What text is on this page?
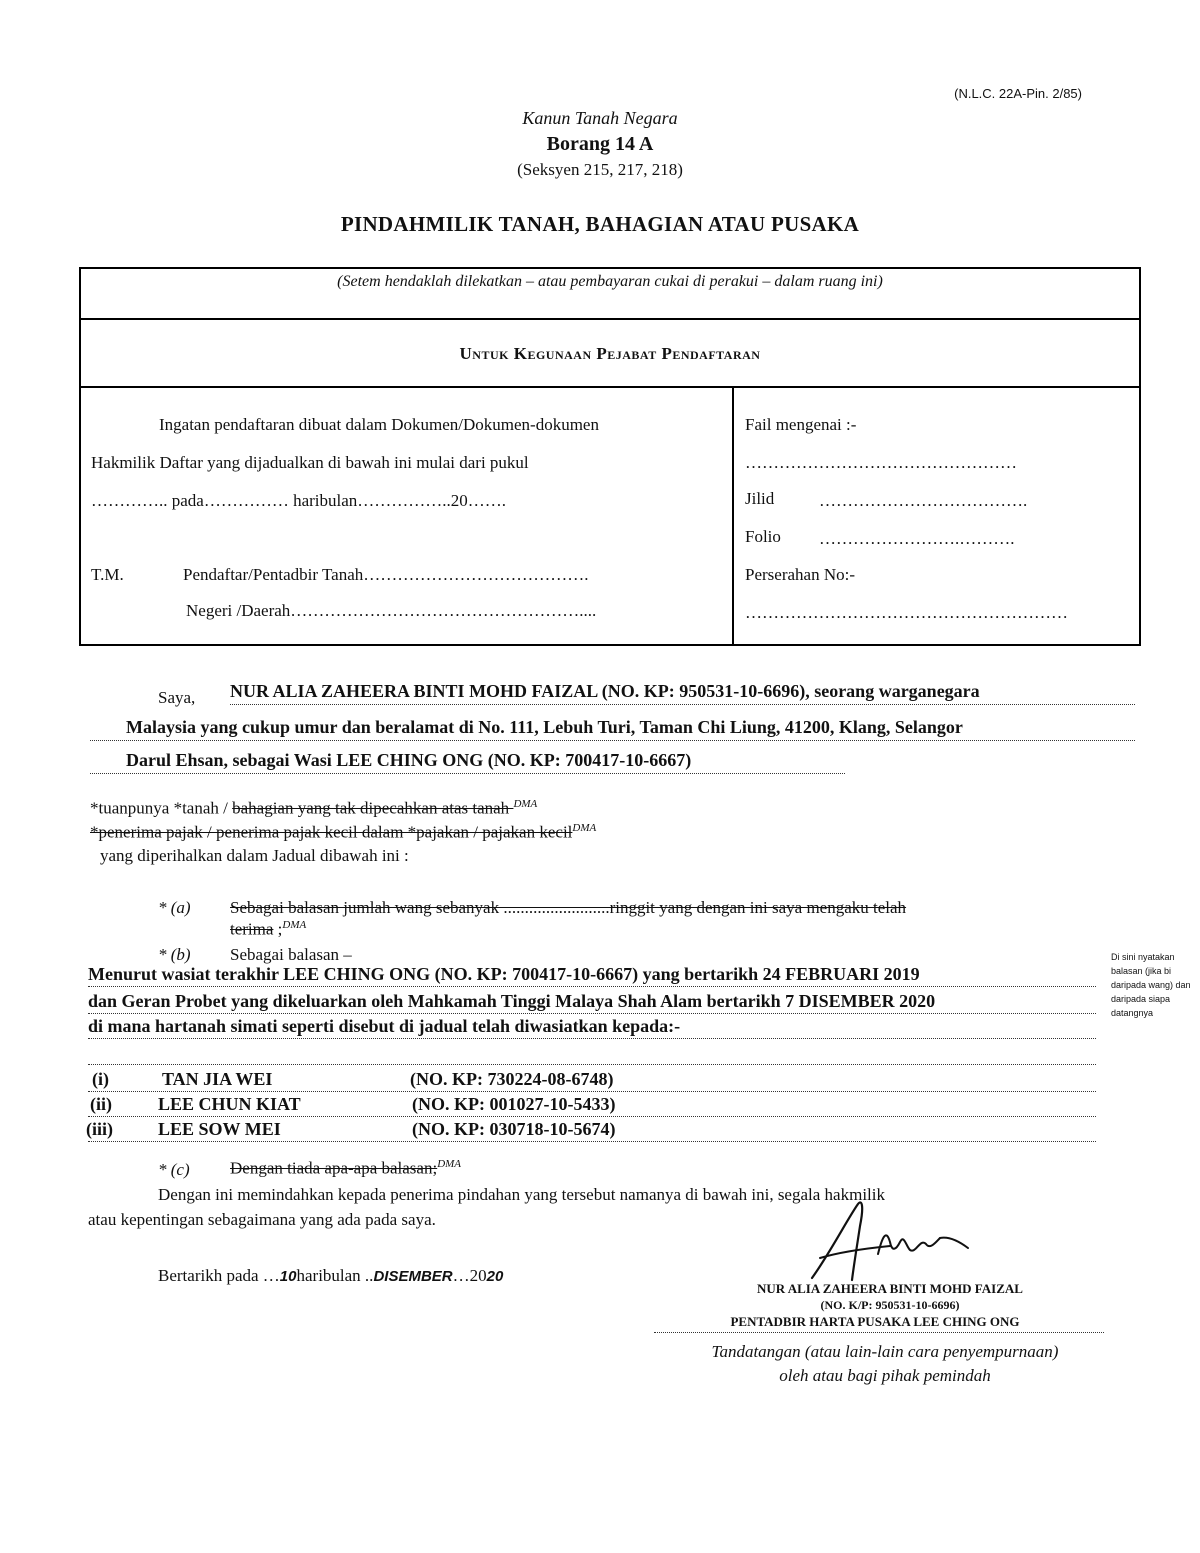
(N.L.C. 22A-Pin. 2/85)
Kanun Tanah Negara
Borang 14 A
(Seksyen 215, 217, 218)
PINDAHMILIK TANAH, BAHAGIAN ATAU PUSAKA
(Setem hendaklah dilekatkan – atau pembayaran cukai di perakui – dalam ruang ini)
Untuk Kegunaan Pejabat Pendaftaran
Ingatan pendaftaran dibuat dalam Dokumen/Dokumen-dokumen
Hakmilik Daftar yang dijadualkan di bawah ini mulai dari pukul
………….. pada…………… haribulan……………..20…….
T.M.	Pendaftar/Pentadbir Tanah………………………………….
Negeri /Daerah……………………………………………....
Fail mengenai :-
…………………………………………
Jilid	……………………………….
Folio …………………….……….
Perserahan No:-
…………………………………………………
Saya, NUR ALIA ZAHEERA BINTI MOHD FAIZAL (NO. KP: 950531-10-6696), seorang warganegara
Malaysia yang cukup umur dan beralamat di No. 111, Lebuh Turi, Taman Chi Liung, 41200, Klang, Selangor
Darul Ehsan, sebagai Wasi LEE CHING ONG (NO. KP: 700417-10-6667)
*tuanpunya *tanah / bahagian yang tak dipecahkan atas tanah $^{DMA}$
*penerima pajak / penerima pajak kecil dalam *pajakan / pajakan kecil$^{DMA}$
yang diperihalkan dalam Jadual dibawah ini :
* (a) Sebagai balasan jumlah wang sebanyak .........................ringgit yang dengan ini saya mengaku telah
terima ;$^{DMA}$
* (b) Sebagai balasan –
Menurut wasiat terakhir LEE CHING ONG (NO. KP: 700417-10-6667) yang bertarikh 24 FEBRUARI 2019
dan Geran Probet yang dikeluarkan oleh Mahkamah Tinggi Malaya Shah Alam bertarikh 7 DISEMBER 2020
di mana hartanah simati seperti disebut di jadual telah diwasiatkan kepada:-
Di sini nyatakan balasan (jika bi daripada wang) dan daripada siapa datangnya
(i)	TAN JIA WEI	(NO. KP: 730224-08-6748)
(ii)	LEE CHUN KIAT	(NO. KP: 001027-10-5433)
(iii)	LEE SOW MEI	(NO. KP: 030718-10-5674)
* (c) Dengan tiada apa-apa balasan;$^{DMA}$
Dengan ini memindahkan kepada penerima pindahan yang tersebut namanya di bawah ini, segala hakmilik
atau kepentingan sebagaimana yang ada pada saya.
Bertarikh pada …10haribulan ..DISEMBER…2020
NUR ALIA ZAHEERA BINTI MOHD FAIZAL
(NO. K/P: 950531-10-6696)
PENTADBIR HARTA PUSAKA LEE CHING ONG
Tandatangan (atau lain-lain cara penyempurnaan)
oleh atau bagi pihak pemindah
